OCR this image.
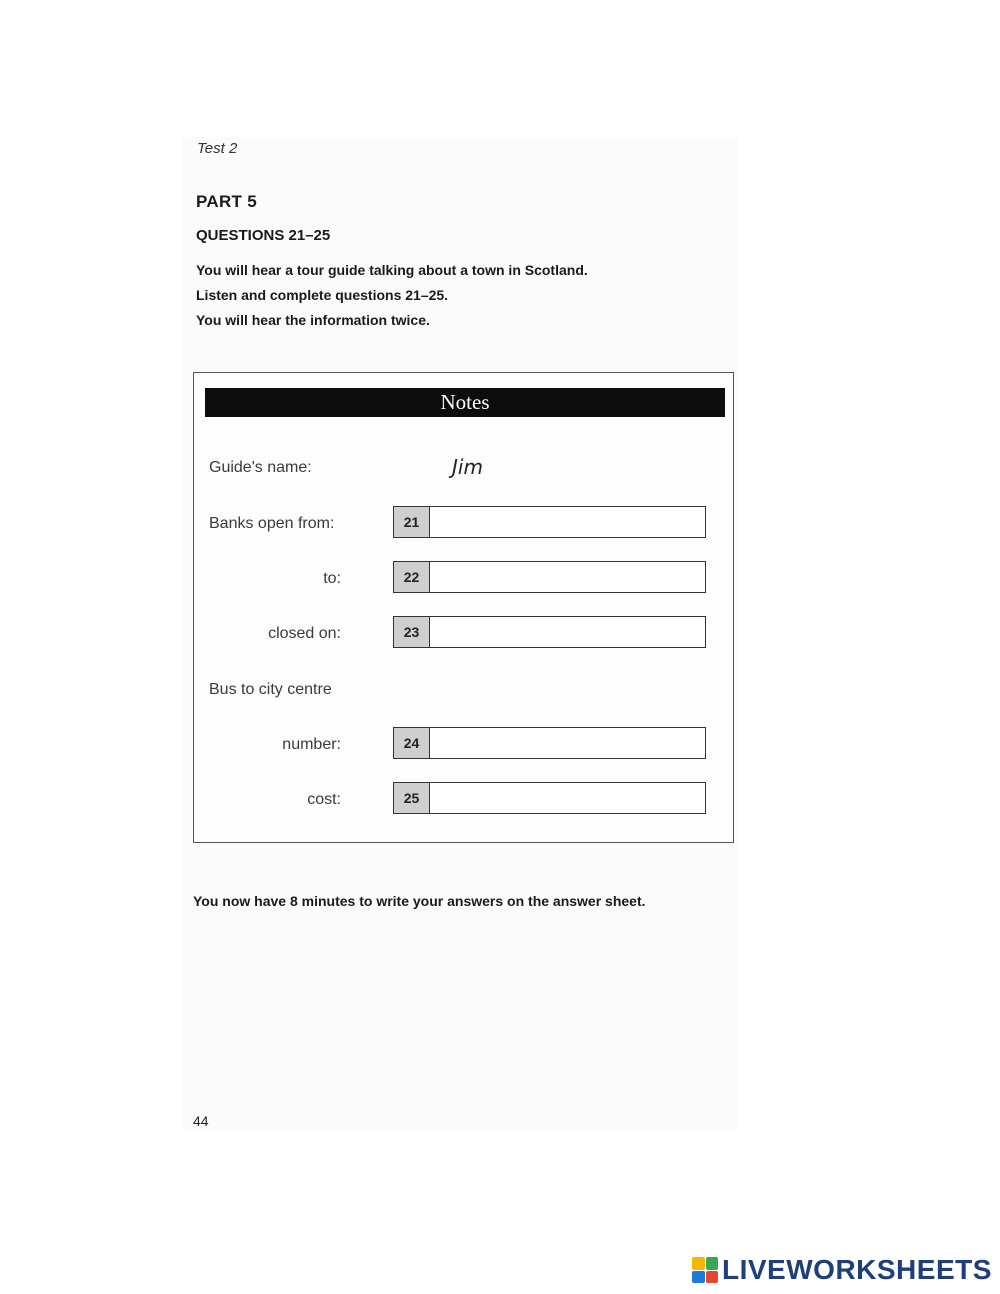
Test 2
PART 5
QUESTIONS 21–25
You will hear a tour guide talking about a town in Scotland.
Listen and complete questions 21–25.
You will hear the information twice.
Notes
Guide's name:	Jim
Banks open from:	21
to:	22
closed on:	23
Bus to city centre
number:	24
cost:	25
You now have 8 minutes to write your answers on the answer sheet.
44
LIVEWORKSHEETS
